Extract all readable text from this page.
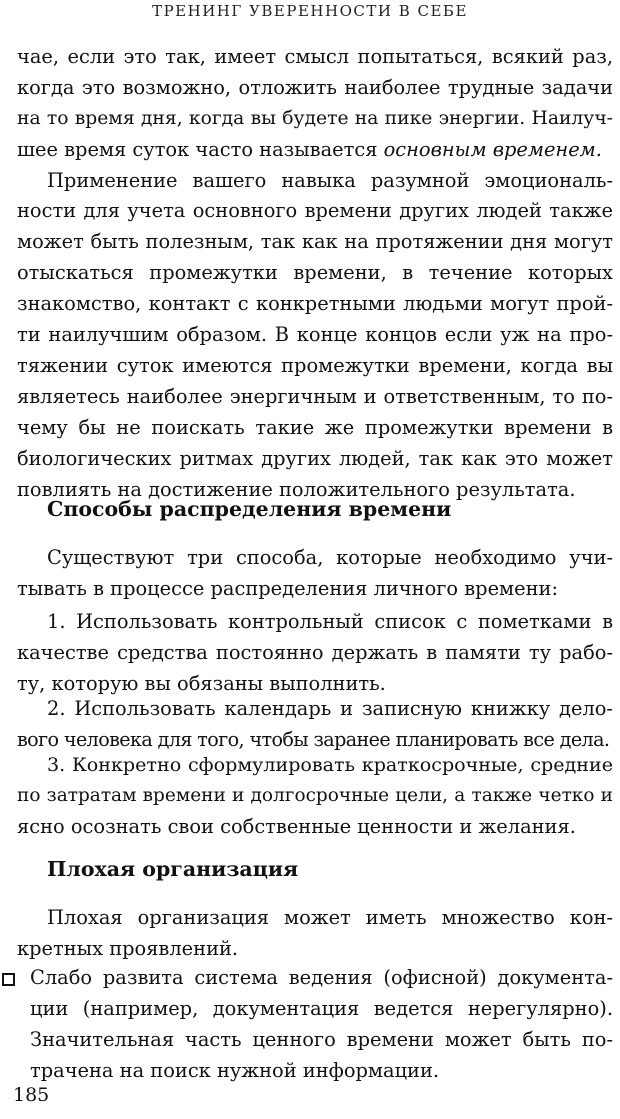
ТРЕНИНГ УВЕРЕННОСТИ В СЕБЕ
чае, если это так, имеет смысл попытаться, всякий раз,
когда это возможно, отложить наиболее трудные задачи
на то время дня, когда вы будете на пике энергии. Наилуч-
шее время суток часто называется основным временем.
Применение вашего навыка разумной эмоциональ-
ности для учета основного времени других людей также
может быть полезным, так как на протяжении дня могут
отыскаться промежутки времени, в течение которых
знакомство, контакт с конкретными людьми могут прой-
ти наилучшим образом. В конце концов если уж на про-
тяжении суток имеются промежутки времени, когда вы
являетесь наиболее энергичным и ответственным, то по-
чему бы не поискать такие же промежутки времени в
биологических ритмах других людей, так как это может
повлиять на достижение положительного результата.
Способы распределения времени
Существуют три способа, которые необходимо учи-
тывать в процессе распределения личного времени:
1. Использовать контрольный список с пометками в
качестве средства постоянно держать в памяти ту рабо-
ту, которую вы обязаны выполнить.
2. Использовать календарь и записную книжку дело-
вого человека для того, чтобы заранее планировать все дела.
3. Конкретно сформулировать краткосрочные, средние
по затратам времени и долгосрочные цели, а также четко и
ясно осознать свои собственные ценности и желания.
Плохая организация
Плохая организация может иметь множество кон-
кретных проявлений.
Слабо развита система ведения (офисной) документа-
ции (например, документация ведется нерегулярно).
Значительная часть ценного времени может быть по-
трачена на поиск нужной информации.
185
